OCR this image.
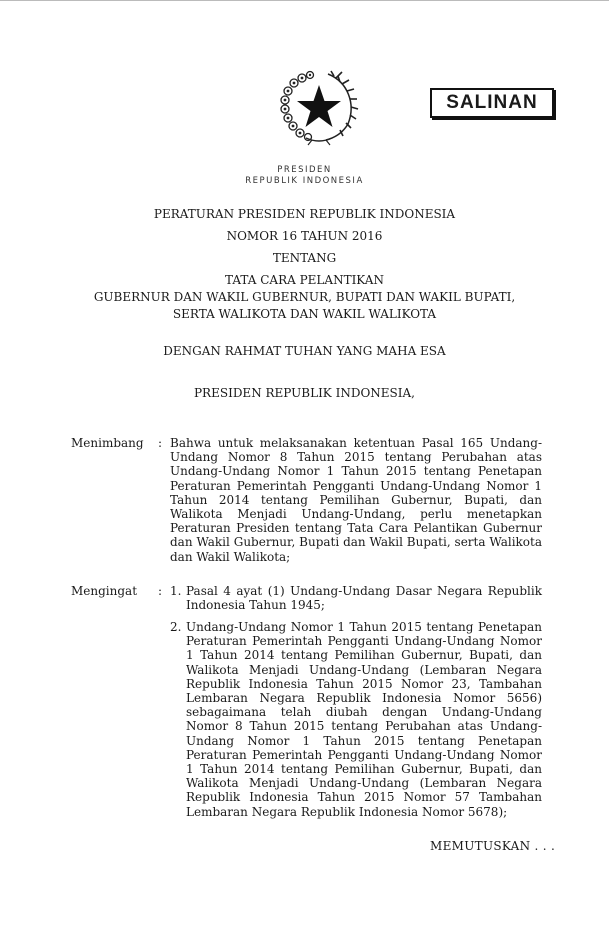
SALINAN
PRESIDEN
REPUBLIK INDONESIA
PERATURAN PRESIDEN REPUBLIK INDONESIA
NOMOR 16 TAHUN 2016
TENTANG
TATA CARA PELANTIKAN
GUBERNUR DAN WAKIL GUBERNUR, BUPATI DAN WAKIL BUPATI,
SERTA WALIKOTA DAN WAKIL WALIKOTA
DENGAN RAHMAT TUHAN YANG MAHA ESA
PRESIDEN REPUBLIK INDONESIA,
Menimbang : Bahwa untuk melaksanakan ketentuan Pasal 165 Undang-Undang Nomor 8 Tahun 2015 tentang Perubahan atas Undang-Undang Nomor 1 Tahun 2015 tentang Penetapan Peraturan Pemerintah Pengganti Undang-Undang Nomor 1 Tahun 2014 tentang Pemilihan Gubernur, Bupati, dan Walikota Menjadi Undang-Undang, perlu menetapkan Peraturan Presiden tentang Tata Cara Pelantikan Gubernur dan Wakil Gubernur, Bupati dan Wakil Bupati, serta Walikota dan Wakil Walikota;
Mengingat : 1. Pasal 4 ayat (1) Undang-Undang Dasar Negara Republik Indonesia Tahun 1945;
2. Undang-Undang Nomor 1 Tahun 2015 tentang Penetapan Peraturan Pemerintah Pengganti Undang-Undang Nomor 1 Tahun 2014 tentang Pemilihan Gubernur, Bupati, dan Walikota Menjadi Undang-Undang (Lembaran Negara Republik Indonesia Tahun 2015 Nomor 23, Tambahan Lembaran Negara Republik Indonesia Nomor 5656) sebagaimana telah diubah dengan Undang-Undang Nomor 8 Tahun 2015 tentang Perubahan atas Undang-Undang Nomor 1 Tahun 2015 tentang Penetapan Peraturan Pemerintah Pengganti Undang-Undang Nomor 1 Tahun 2014 tentang Pemilihan Gubernur, Bupati, dan Walikota Menjadi Undang-Undang (Lembaran Negara Republik Indonesia Tahun 2015 Nomor 57 Tambahan Lembaran Negara Republik Indonesia Nomor 5678);
MEMUTUSKAN . . .
